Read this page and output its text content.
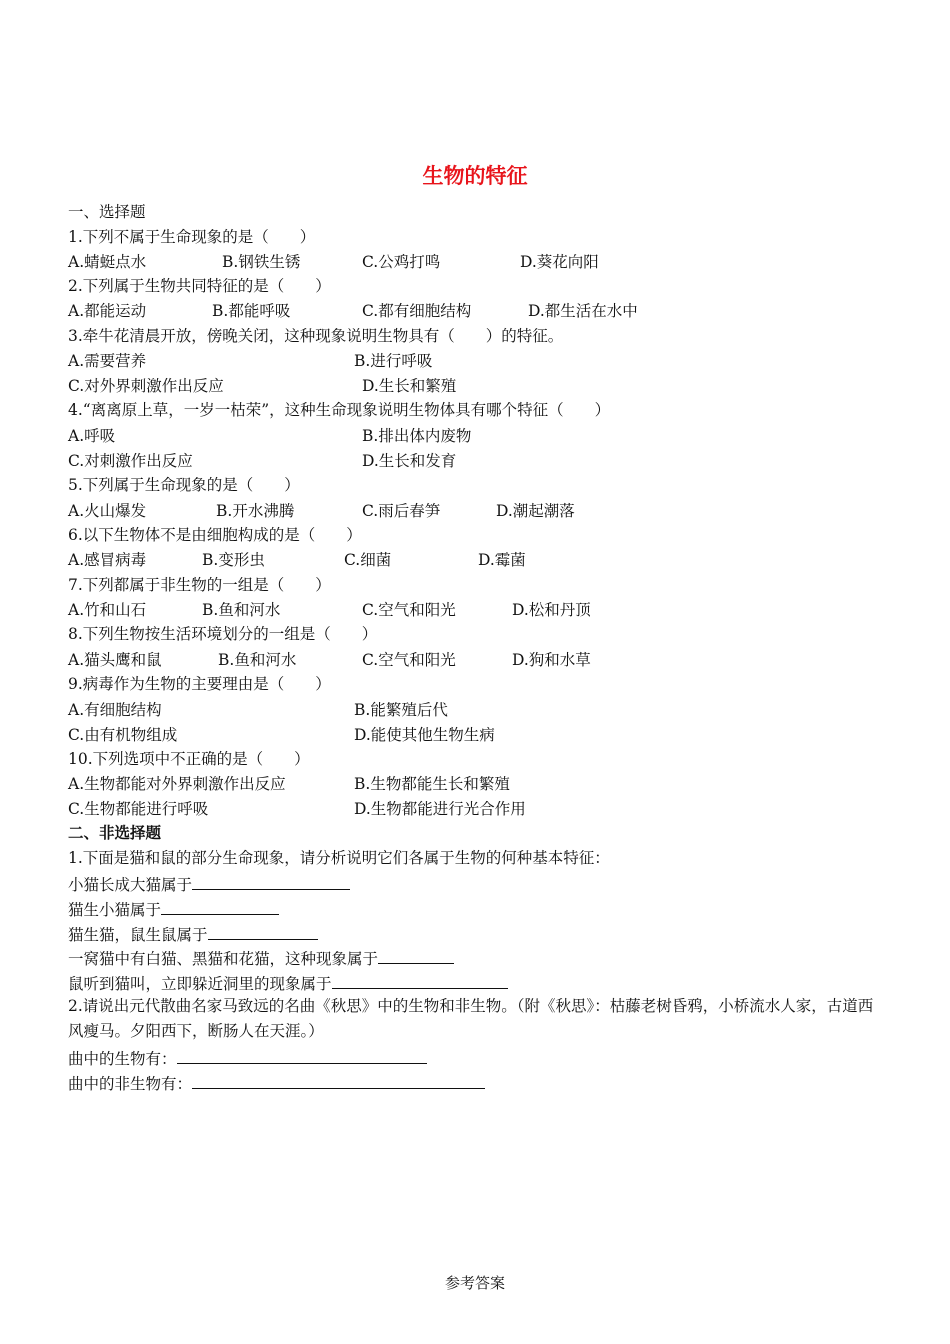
生物的特征
一、选择题
1.下列不属于生命现象的是（　　）
A.蜻蜓点水	B.钢铁生锈	C.公鸡打鸣	D.葵花向阳
2.下列属于生物共同特征的是（　　）
A.都能运动	B.都能呼吸	C.都有细胞结构	D.都生活在水中
3.牵牛花清晨开放，傍晚关闭，这种现象说明生物具有（　　）的特征。
A.需要营养	B.进行呼吸
C.对外界刺激作出反应	D.生长和繁殖
4.“离离原上草，一岁一枯荣”，这种生命现象说明生物体具有哪个特征（　　）
A.呼吸	B.排出体内废物
C.对刺激作出反应	D.生长和发育
5.下列属于生命现象的是（　　）
A.火山爆发	B.开水沸腾	C.雨后春笋	D.潮起潮落
6.以下生物体不是由细胞构成的是（　　）
A.感冒病毒	B.变形虫	C.细菌	D.霉菌
7.下列都属于非生物的一组是（　　）
A.竹和山石	B.鱼和河水	C.空气和阳光	D.松和丹顶
8.下列生物按生活环境划分的一组是（　　）
A.猫头鹰和鼠	B.鱼和河水	C.空气和阳光	D.狗和水草
9.病毒作为生物的主要理由是（　　）
A.有细胞结构	B.能繁殖后代
C.由有机物组成	D.能使其他生物生病
10.下列选项中不正确的是（　　）
A.生物都能对外界刺激作出反应	B.生物都能生长和繁殖
C.生物都能进行呼吸	D.生物都能进行光合作用
二、非选择题
1.下面是猫和鼠的部分生命现象，请分析说明它们各属于生物的何种基本特征：
小猫长成大猫属于
猫生小猫属于
猫生猫，鼠生鼠属于
一窝猫中有白猫、黑猫和花猫，这种现象属于
鼠听到猫叫，立即躲近洞里的现象属于
2.请说出元代散曲名家马致远的名曲《秋思》中的生物和非生物。（附《秋思》：枯藤老树昏鸦，小桥流水人家，古道西风瘦马。夕阳西下，断肠人在天涯。）
曲中的生物有：
曲中的非生物有：
参考答案
